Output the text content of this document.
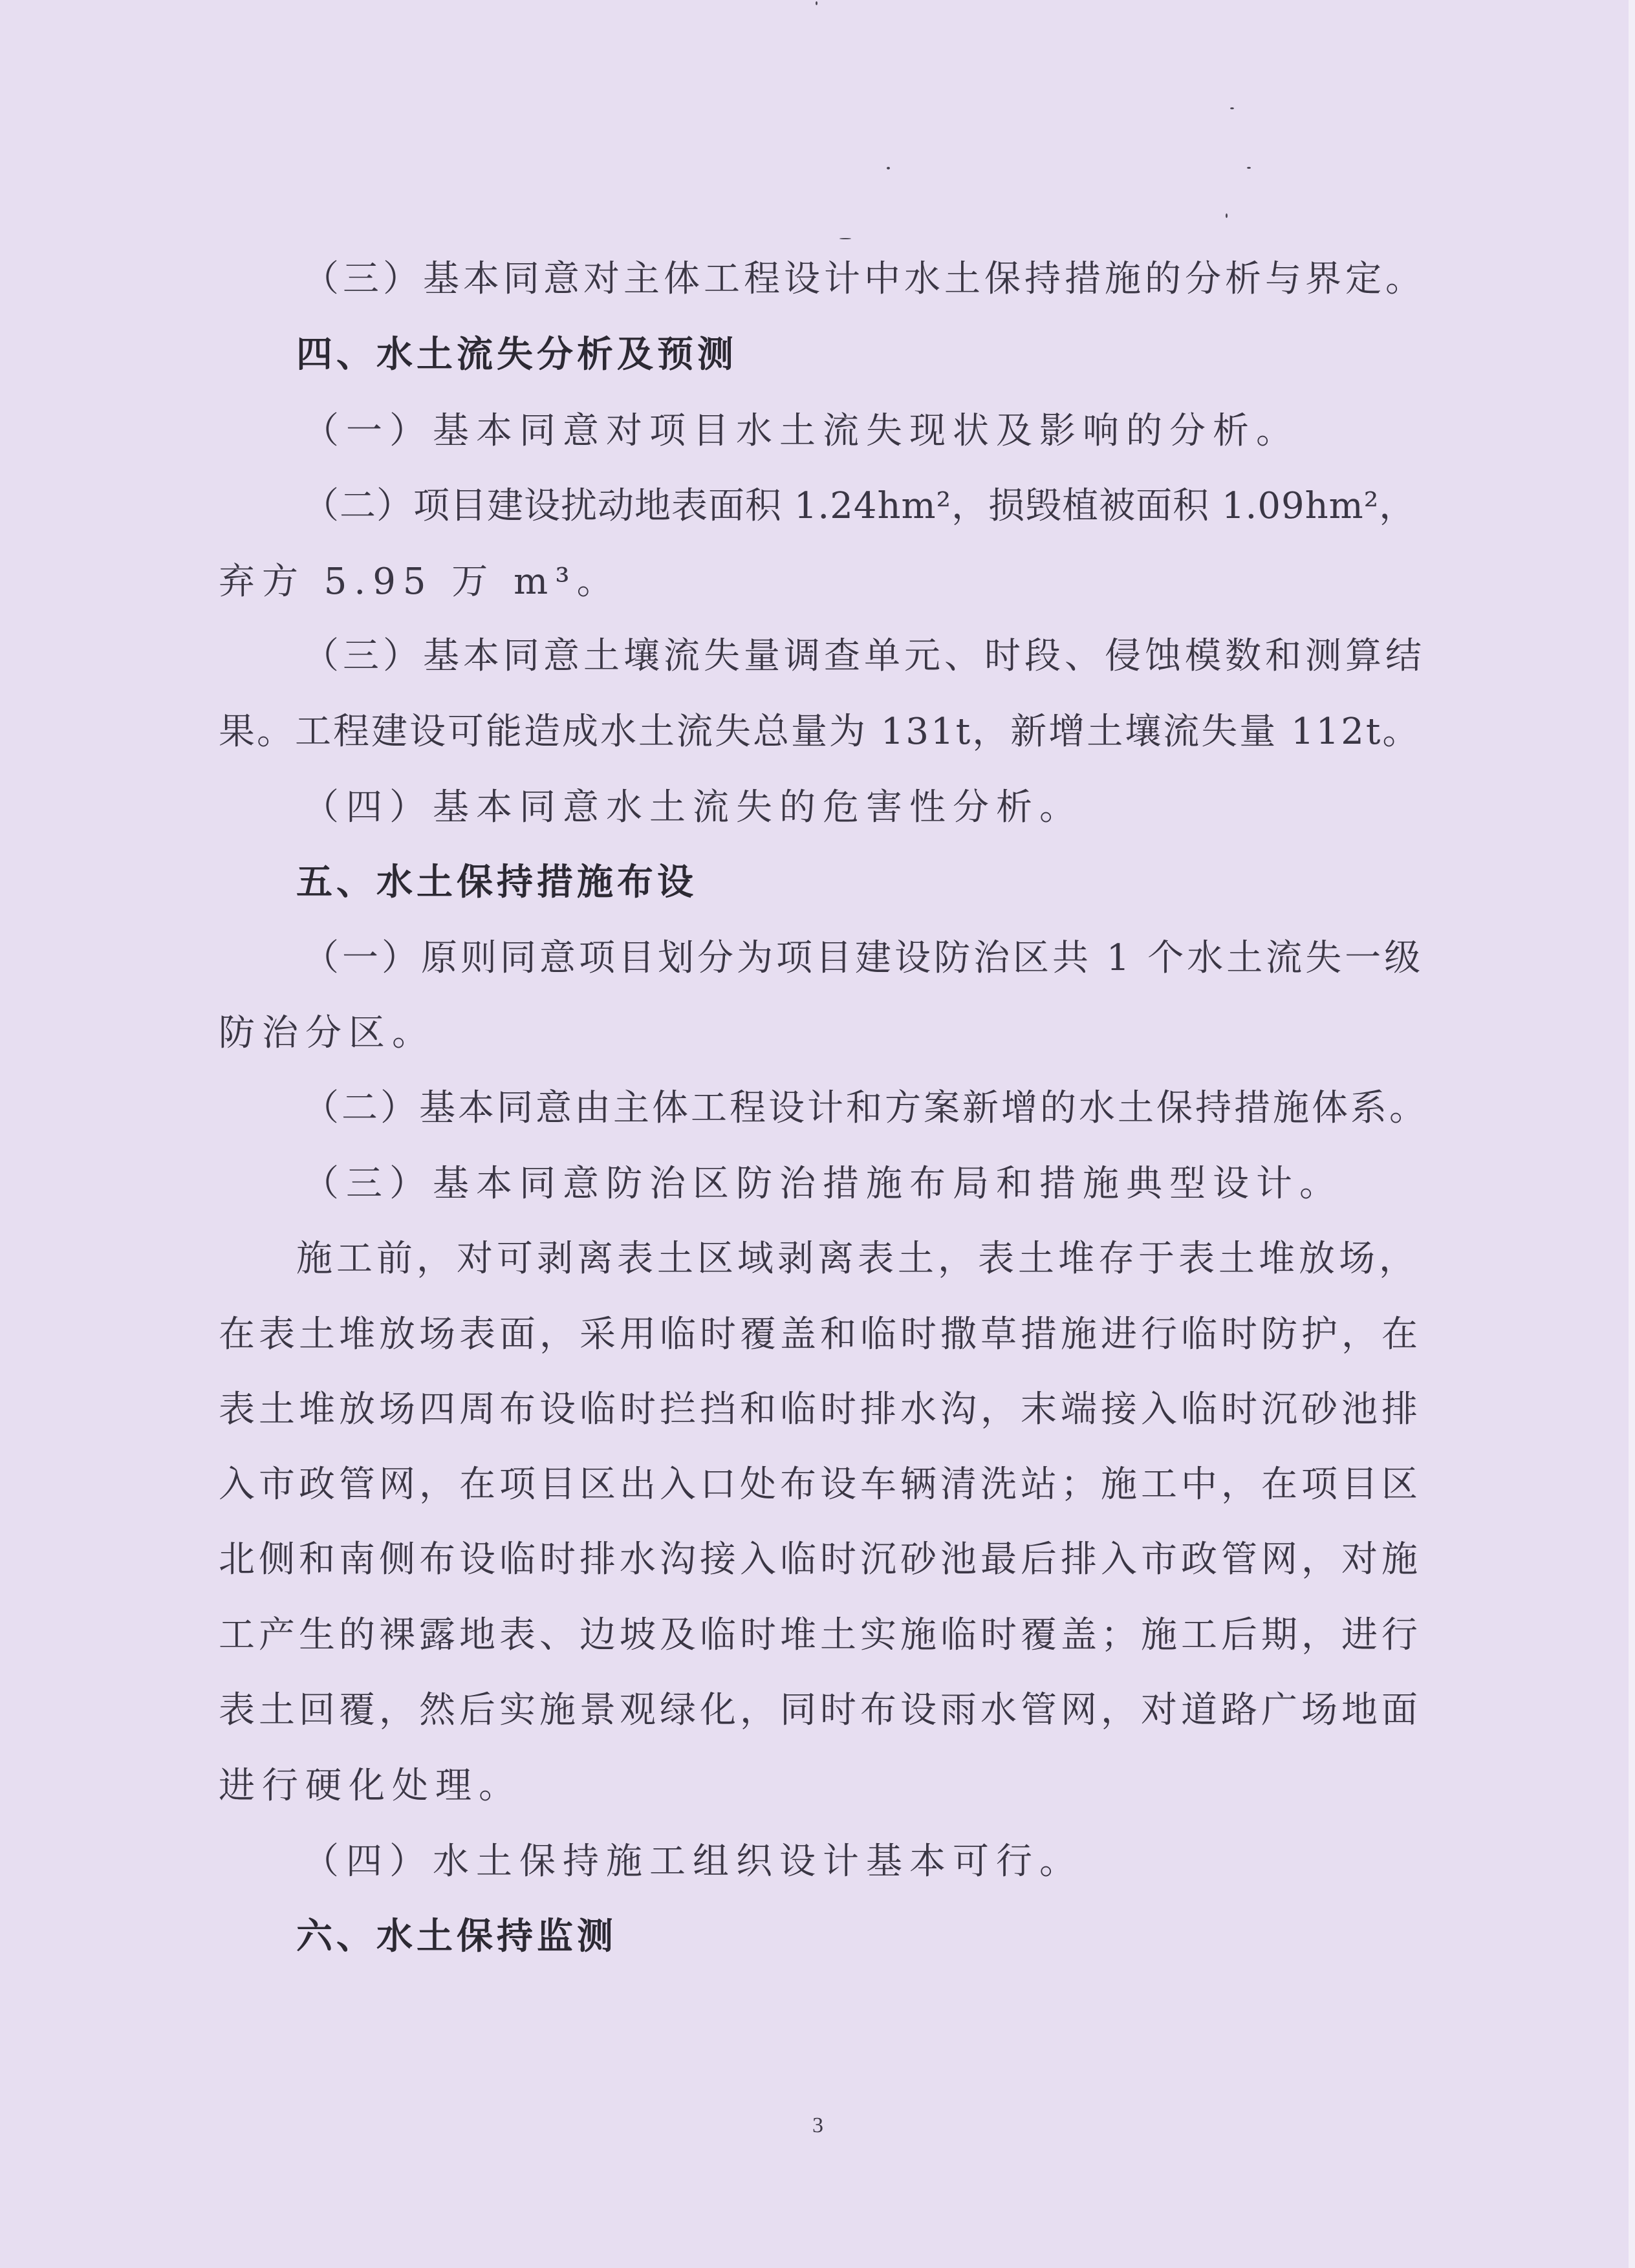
（三）基本同意对主体工程设计中水土保持措施的分析与界定。
四、水土流失分析及预测
（一）基本同意对项目水土流失现状及影响的分析。
（二）项目建设扰动地表面积 1.24hm²，损毁植被面积 1.09hm²，
弃方 5.95 万 m³。
（三）基本同意土壤流失量调查单元、时段、侵蚀模数和测算结
果。工程建设可能造成水土流失总量为 131t，新增土壤流失量 112t。
（四）基本同意水土流失的危害性分析。
五、水土保持措施布设
（一）原则同意项目划分为项目建设防治区共 1 个水土流失一级
防治分区。
（二）基本同意由主体工程设计和方案新增的水土保持措施体系。
（三）基本同意防治区防治措施布局和措施典型设计。
施工前，对可剥离表土区域剥离表土，表土堆存于表土堆放场，
在表土堆放场表面，采用临时覆盖和临时撒草措施进行临时防护，在
表土堆放场四周布设临时拦挡和临时排水沟，末端接入临时沉砂池排
入市政管网，在项目区出入口处布设车辆清洗站；施工中，在项目区
北侧和南侧布设临时排水沟接入临时沉砂池最后排入市政管网，对施
工产生的裸露地表、边坡及临时堆土实施临时覆盖；施工后期，进行
表土回覆，然后实施景观绿化，同时布设雨水管网，对道路广场地面
进行硬化处理。
（四）水土保持施工组织设计基本可行。
六、水土保持监测
3
